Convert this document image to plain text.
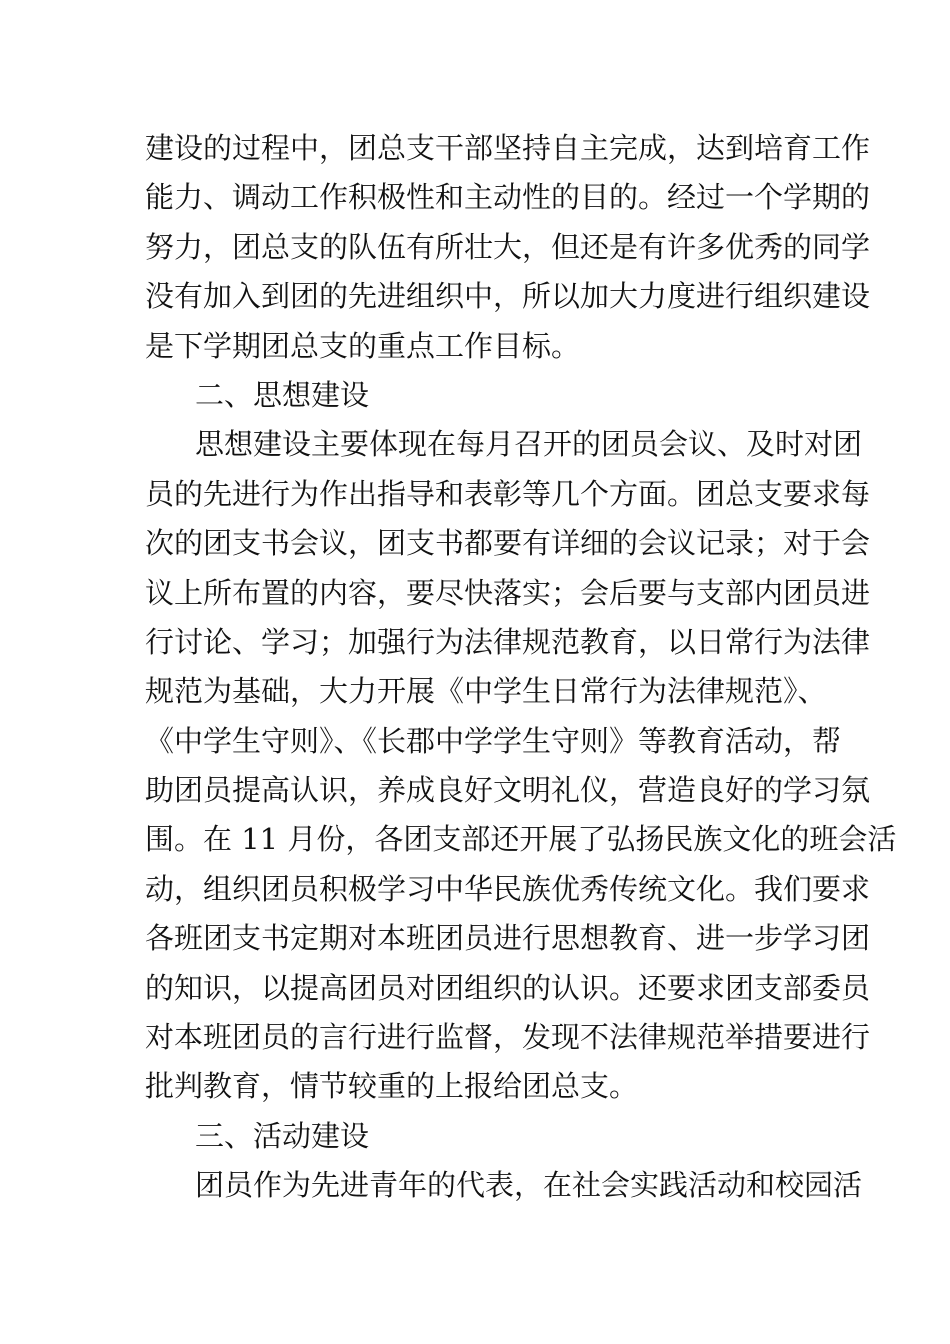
建设的过程中，团总支干部坚持自主完成，达到培育工作
能力、调动工作积极性和主动性的目的。经过一个学期的
努力，团总支的队伍有所壮大，但还是有许多优秀的同学
没有加入到团的先进组织中，所以加大力度进行组织建设
是下学期团总支的重点工作目标。
二、思想建设
思想建设主要体现在每月召开的团员会议、及时对团
员的先进行为作出指导和表彰等几个方面。团总支要求每
次的团支书会议，团支书都要有详细的会议记录；对于会
议上所布置的内容，要尽快落实；会后要与支部内团员进
行讨论、学习；加强行为法律规范教育，以日常行为法律
规范为基础，大力开展《中学生日常行为法律规范》、
《中学生守则》、《长郡中学学生守则》等教育活动，帮
助团员提高认识，养成良好文明礼仪，营造良好的学习氛
围。在 11 月份，各团支部还开展了弘扬民族文化的班会活
动，组织团员积极学习中华民族优秀传统文化。我们要求
各班团支书定期对本班团员进行思想教育、进一步学习团
的知识，以提高团员对团组织的认识。还要求团支部委员
对本班团员的言行进行监督，发现不法律规范举措要进行
批判教育，情节较重的上报给团总支。
三、活动建设
团员作为先进青年的代表，在社会实践活动和校园活
